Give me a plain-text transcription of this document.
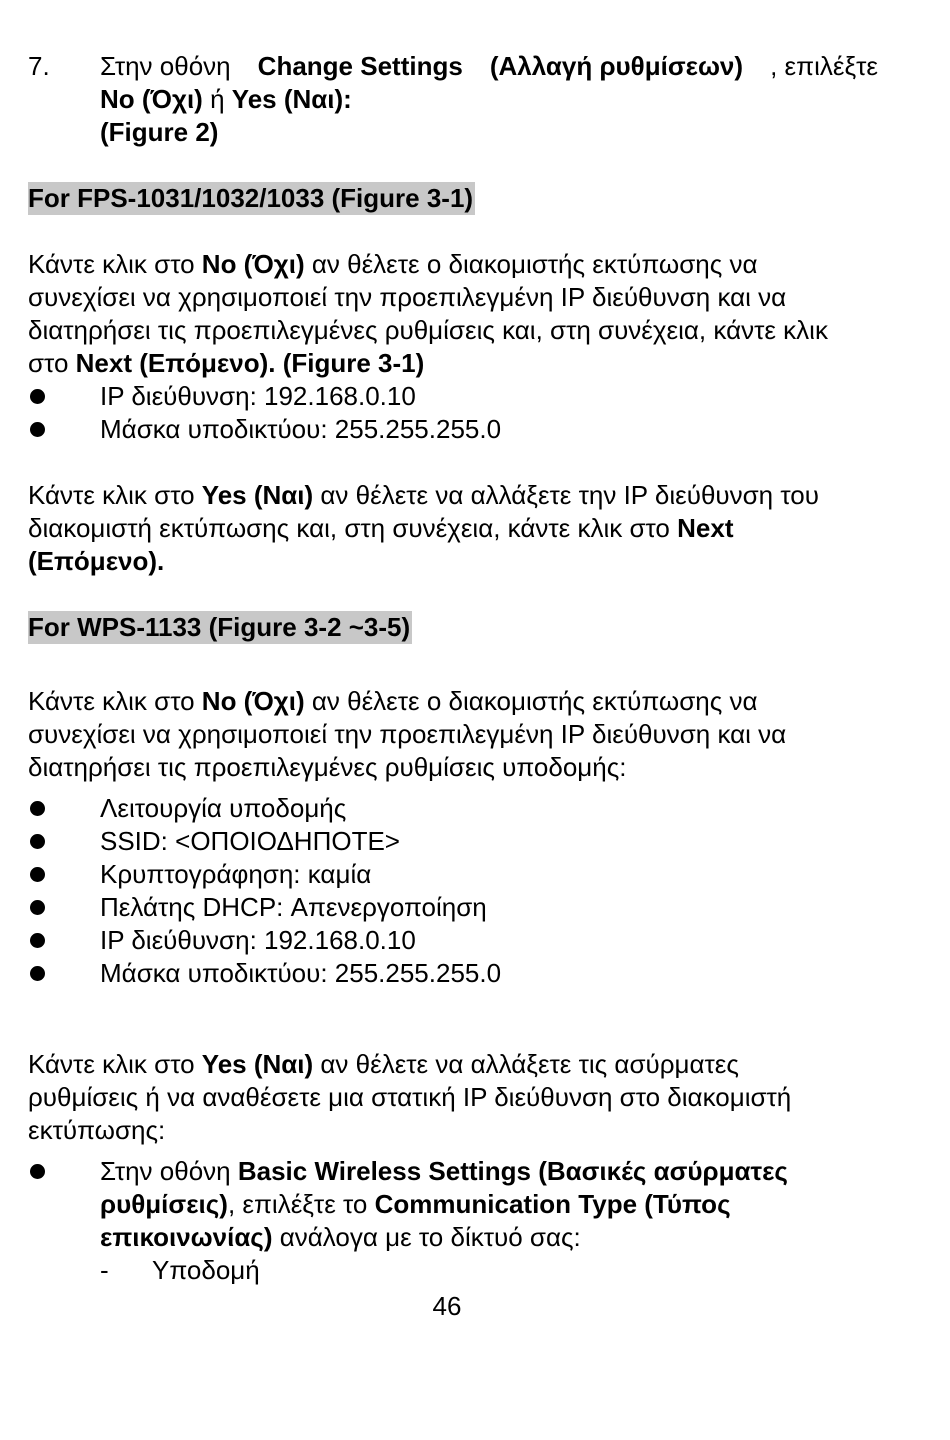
7. Στην οθόνη Change Settings (Αλλαγή ρυθμίσεων) , επιλέξτε
No (Όχι) ή Yes (Ναι):
(Figure 2)
For FPS-1031/1032/1033 (Figure 3-1)
Κάντε κλικ στο No (Όχι) αν θέλετε ο διακομιστής εκτύπωσης να
συνεχίσει να χρησιμοποιεί την προεπιλεγμένη IP διεύθυνση και να
διατηρήσει τις προεπιλεγμένες ρυθμίσεις και, στη συνέχεια, κάντε κλικ
στο Next (Επόμενο). (Figure 3-1)
IP διεύθυνση: 192.168.0.10
Μάσκα υποδικτύου: 255.255.255.0
Κάντε κλικ στο Yes (Ναι) αν θέλετε να αλλάξετε την IP διεύθυνση του
διακομιστή εκτύπωσης και, στη συνέχεια, κάντε κλικ στο Next
(Επόμενο).
For WPS-1133 (Figure 3-2 ~3-5)
Κάντε κλικ στο No (Όχι) αν θέλετε ο διακομιστής εκτύπωσης να
συνεχίσει να χρησιμοποιεί την προεπιλεγμένη IP διεύθυνση και να
διατηρήσει τις προεπιλεγμένες ρυθμίσεις υποδομής:
Λειτουργία υποδομής
SSID: <ΟΠΟΙΟΔΗΠΟΤΕ>
Κρυπτογράφηση: καμία
Πελάτης DHCP: Απενεργοποίηση
IP διεύθυνση: 192.168.0.10
Μάσκα υποδικτύου: 255.255.255.0
Κάντε κλικ στο Yes (Ναι) αν θέλετε να αλλάξετε τις ασύρματες
ρυθμίσεις ή να αναθέσετε μια στατική IP διεύθυνση στο διακομιστή
εκτύπωσης:
Στην οθόνη Basic Wireless Settings (Βασικές ασύρματες
ρυθμίσεις), επιλέξτε το Communication Type (Τύπος
επικοινωνίας) ανάλογα με το δίκτυό σας:
- Υποδομή
46
